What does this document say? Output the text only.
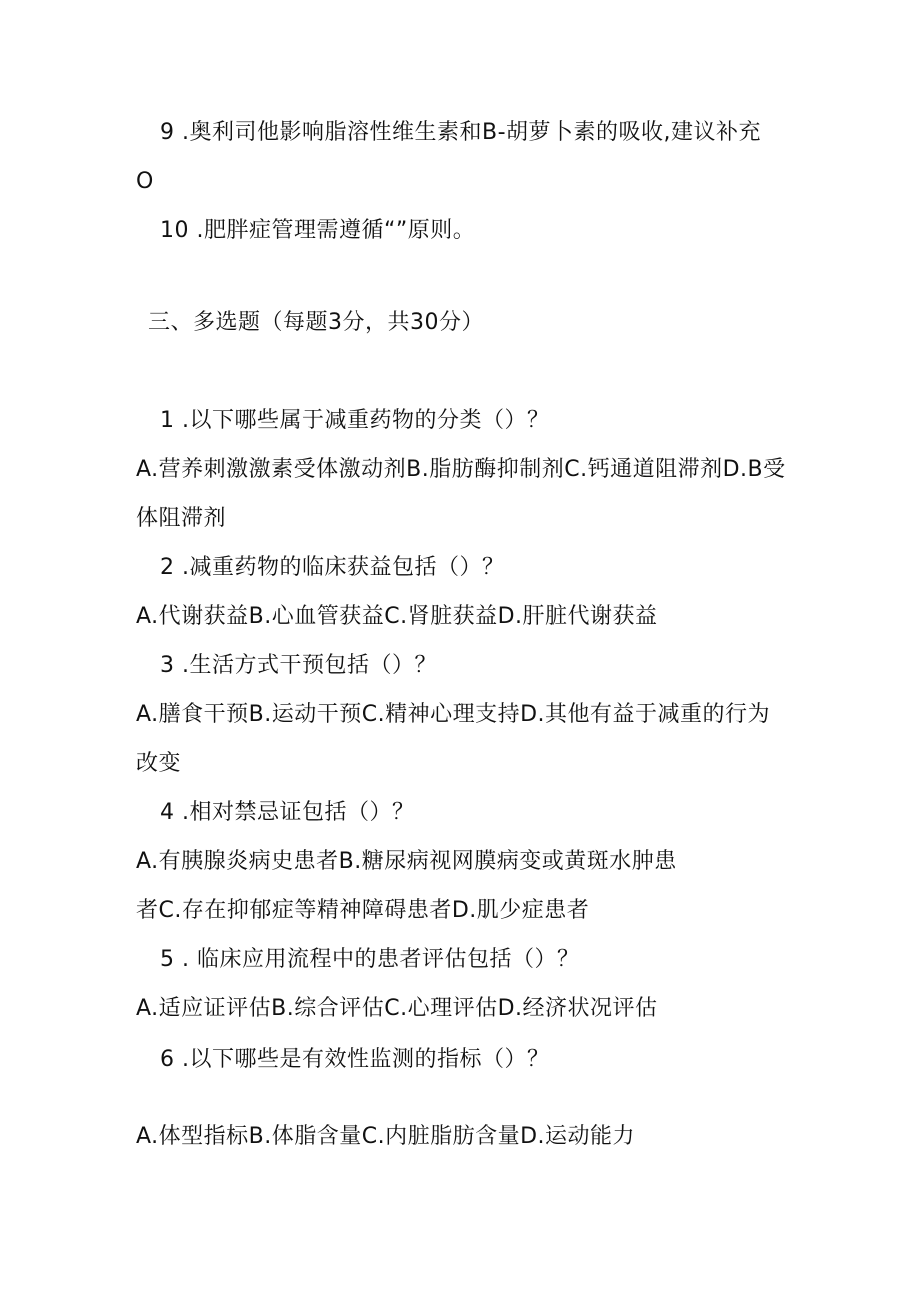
9 .奥利司他影响脂溶性维生素和B-胡萝卜素的吸收,建议补充
O
10 .肥胖症管理需遵循“”原则。
三、多选题（每题3分，共30分）
1 .以下哪些属于减重药物的分类（）？
A.营养刺激激素受体激动剂B.脂肪酶抑制剂C.钙通道阻滞剂D.B受
体阻滞剂
2 .减重药物的临床获益包括（）？
A.代谢获益B.心血管获益C.肾脏获益D.肝脏代谢获益
3 .生活方式干预包括（）？
A.膳食干预B.运动干预C.精神心理支持D.其他有益于减重的行为
改变
4 .相对禁忌证包括（）？
A.有胰腺炎病史患者B.糖尿病视网膜病变或黄斑水肿患
者C.存在抑郁症等精神障碍患者D.肌少症患者
5 . 临床应用流程中的患者评估包括（）？
A.适应证评估B.综合评估C.心理评估D.经济状况评估
6 .以下哪些是有效性监测的指标（）？
A.体型指标B.体脂含量C.内脏脂肪含量D.运动能力
